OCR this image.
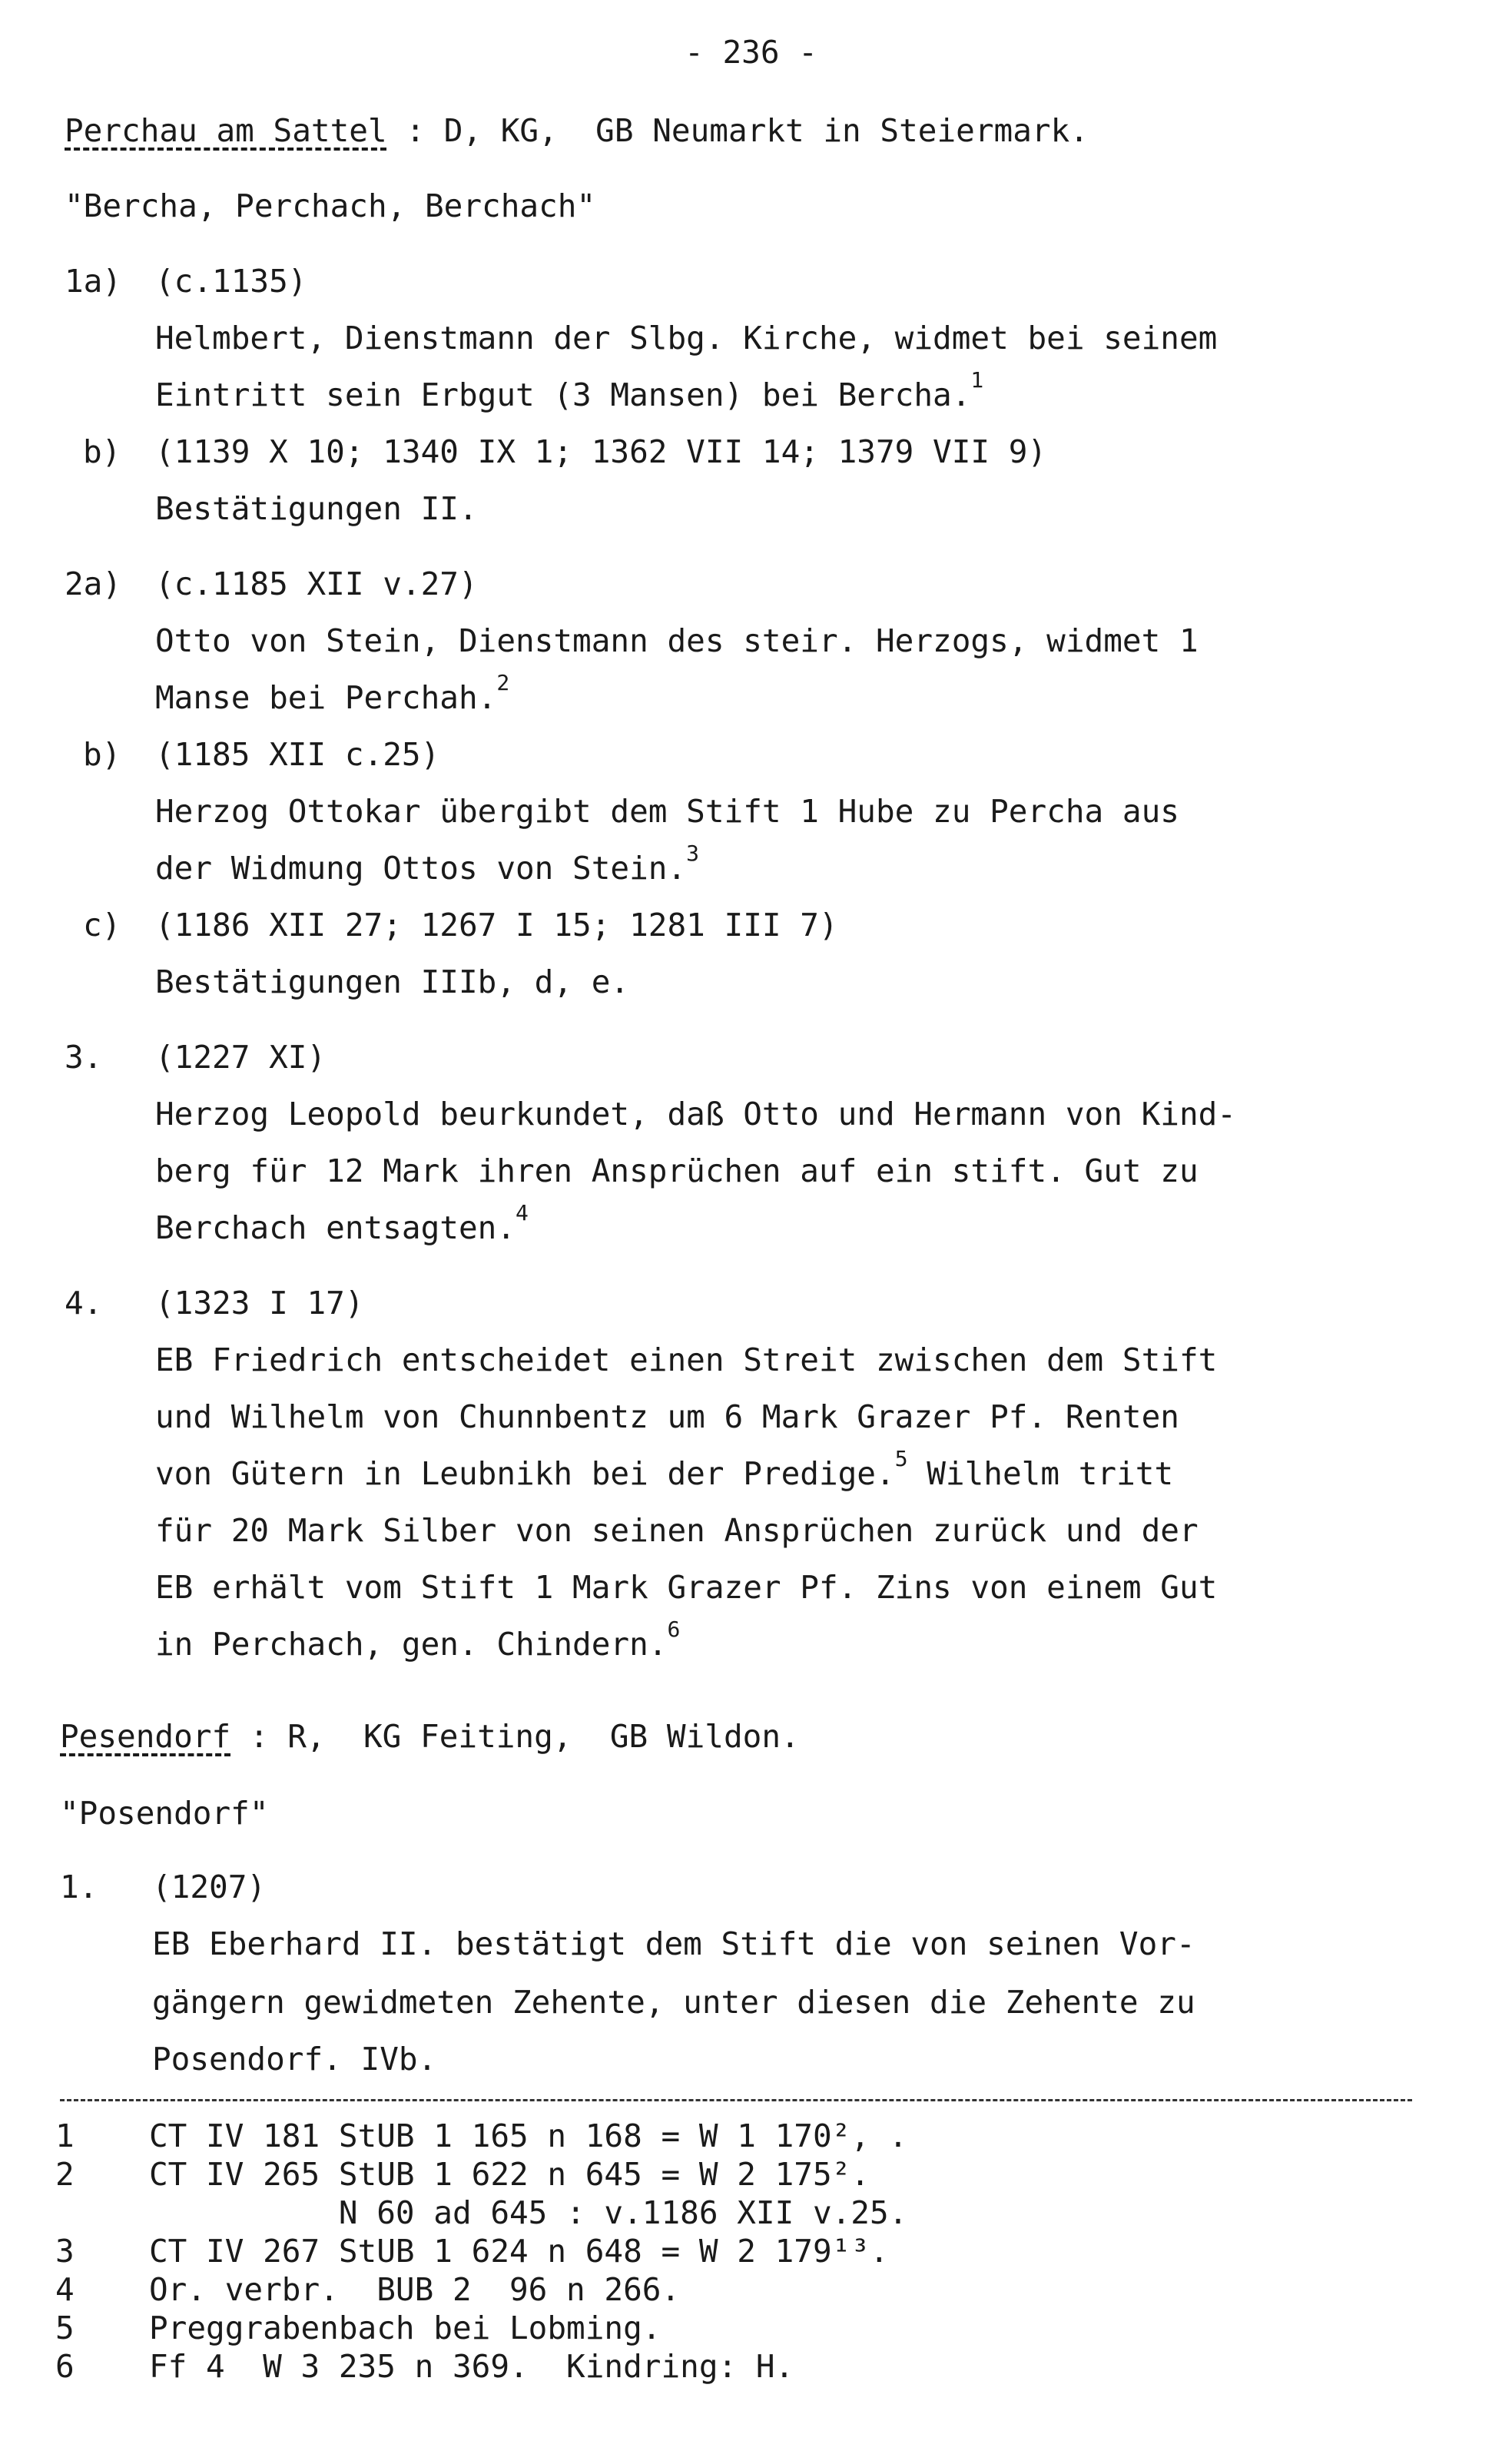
- 236 -
Perchau am Sattel : D, KG,  GB Neumarkt in Steiermark.
"Bercha, Perchach, Berchach"
1a) (c.1135)
Helmbert, Dienstmann der Slbg. Kirche, widmet bei seinem
Eintritt sein Erbgut (3 Mansen) bei Bercha.$^1$
b) (1139 X 10; 1340 IX 1; 1362 VII 14; 1379 VII 9)
Bestätigungen II.
2a) (c.1185 XII v.27)
Otto von Stein, Dienstmann des steir. Herzogs, widmet 1
Manse bei Perchah.$^2$
b) (1185 XII c.25)
Herzog Ottokar übergibt dem Stift 1 Hube zu Percha aus
der Widmung Ottos von Stein.$^3$
c) (1186 XII 27; 1267 I 15; 1281 III 7)
Bestätigungen IIIb, d, e.
3. (1227 XI)
Herzog Leopold beurkundet, daß Otto und Hermann von Kind-
berg für 12 Mark ihren Ansprüchen auf ein stift. Gut zu
Berchach entsagten.$^4$
4. (1323 I 17)
EB Friedrich entscheidet einen Streit zwischen dem Stift
und Wilhelm von Chunnbentz um 6 Mark Grazer Pf. Renten
von Gütern in Leubnikh bei der Predige.$^5$ Wilhelm tritt
für 20 Mark Silber von seinen Ansprüchen zurück und der
EB erhält vom Stift 1 Mark Grazer Pf. Zins von einem Gut
in Perchach, gen. Chindern.$^6$
Pesendorf : R,  KG Feiting,  GB Wildon.
"Posendorf"
1. (1207)
EB Eberhard II. bestätigt dem Stift die von seinen Vor-
gängern gewidmeten Zehente, unter diesen die Zehente zu
Posendorf. IVb.
1 CT IV 181 StUB 1 165 n 168 = W 1 170², .
2 CT IV 265 StUB 1 622 n 645 = W 2 175².
N 60 ad 645 : v.1186 XII v.25.
3 CT IV 267 StUB 1 624 n 648 = W 2 179¹³.
4 Or. verbr.  BUB 2  96 n 266.
5 Preggrabenbach bei Lobming.
6 Ff 4  W 3 235 n 369.  Kindring: H.
